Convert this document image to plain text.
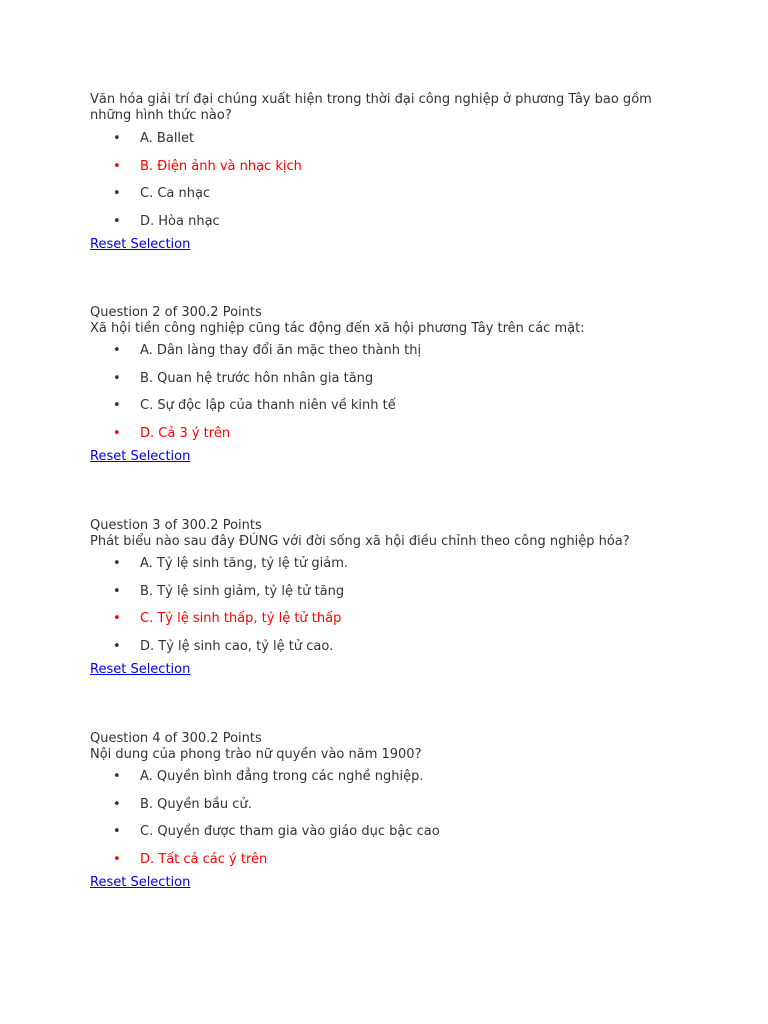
Văn hóa giải trí đại chúng xuất hiện trong thời đại công nghiệp ở phương Tây bao gồm những hình thức nào?
• A. Ballet
• B. Điện ảnh và nhạc kịch
• C. Ca nhạc
• D. Hòa nhạc
Reset Selection
Question 2 of 300.2 Points
Xã hội tiền công nghiệp cũng tác động đến xã hội phương Tây trên các mặt:
• A. Dân làng thay đổi ăn mặc theo thành thị
• B. Quan hệ trước hôn nhân gia tăng
• C. Sự độc lập của thanh niên về kinh tế
• D. Cả 3 ý trên
Reset Selection
Question 3 of 300.2 Points
Phát biểu nào sau đây ĐÚNG với đời sống xã hội điều chỉnh theo công nghiệp hóa?
• A. Tỷ lệ sinh tăng, tỷ lệ tử giảm.
• B. Tỷ lệ sinh giảm, tỷ lệ tử tăng
• C. Tỷ lệ sinh thấp, tỷ lệ tử thấp
• D. Tỷ lệ sinh cao, tỷ lệ tử cao.
Reset Selection
Question 4 of 300.2 Points
Nội dung của phong trào nữ quyền vào năm 1900?
• A. Quyền bình đẳng trong các nghề nghiệp.
• B. Quyền bầu cử.
• C. Quyền được tham gia vào giáo dục bậc cao
• D. Tất cả các ý trên
Reset Selection
